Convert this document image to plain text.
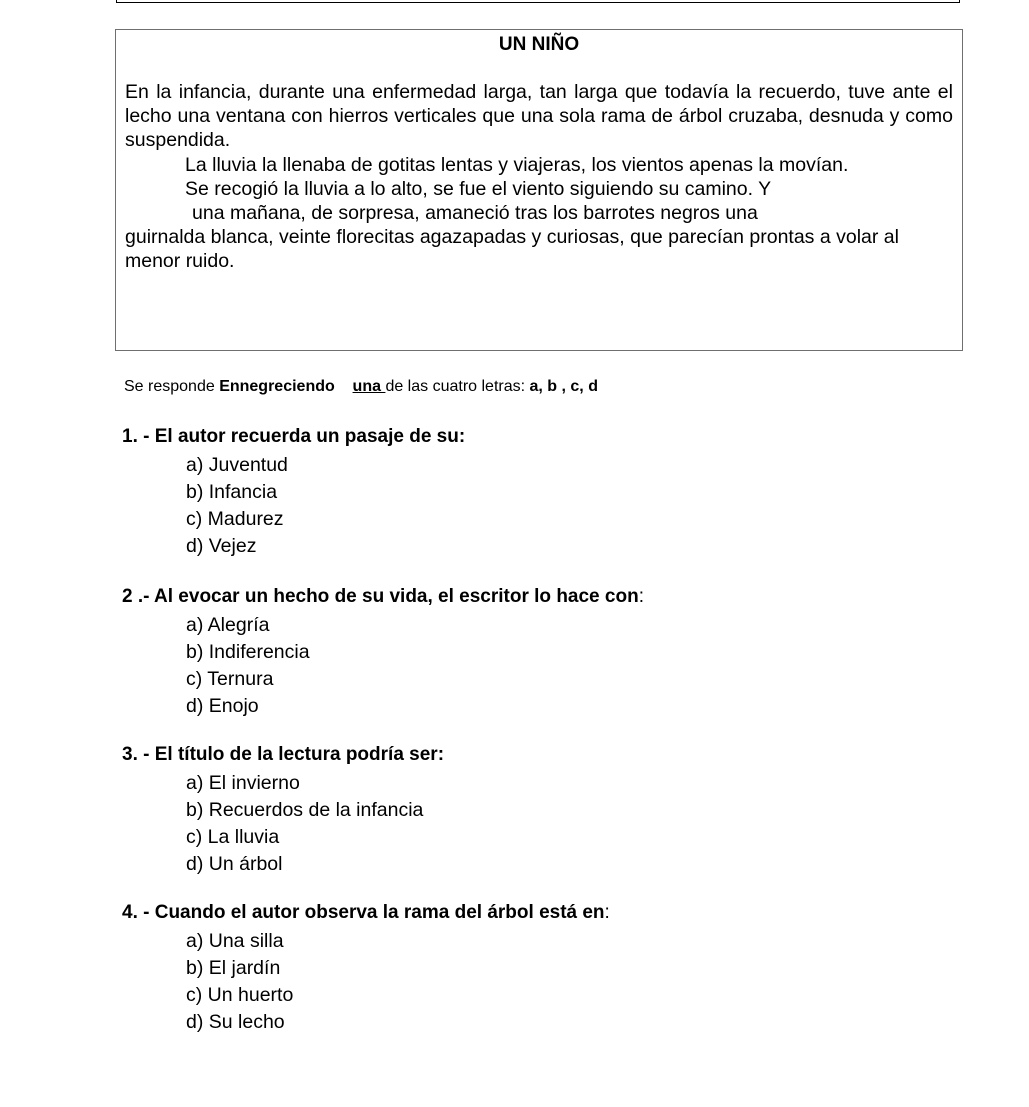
UN NIÑO

En la infancia, durante una enfermedad larga, tan larga que todavía la recuerdo, tuve ante el lecho una ventana con hierros verticales que una sola rama de árbol cruzaba, desnuda y como suspendida.

La lluvia la llenaba de gotitas lentas y viajeras, los vientos apenas la movían.

Se recogió la lluvia a lo alto, se fue el viento siguiendo su camino. Y

una mañana, de sorpresa, amaneció tras los barrotes negros una

guirnalda blanca, veinte florecitas agazapadas y curiosas, que parecían prontas a volar al menor ruido.

Se responde Ennegreciendo una de las cuatro letras: a, b , c, d

1. - El autor recuerda un pasaje de su:

a) Juventud
b) Infancia
c) Madurez
d) Vejez

2 .- Al evocar un hecho de su vida, el escritor lo hace con:

a) Alegría
b) Indiferencia
c) Ternura
d) Enojo

3. - El título de la lectura podría ser:

a) El invierno
b) Recuerdos de la infancia
c) La lluvia
d) Un árbol

4. - Cuando el autor observa la rama del árbol está en:

a) Una silla
b) El jardín
c) Un huerto
d) Su lecho
